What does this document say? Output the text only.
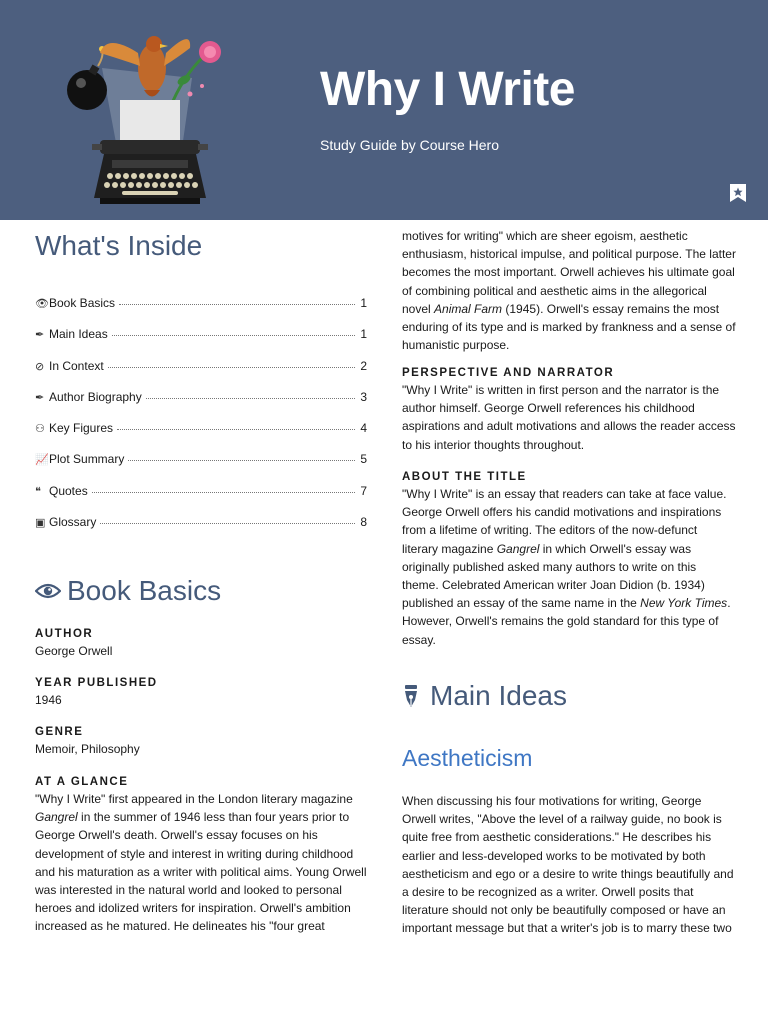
Why I Write
Study Guide by Course Hero
What's Inside
👁 Book Basics	1
✒ Main Ideas	1
⊘ In Context	2
✒ Author Biography	3
⚇ Key Figures	4
📈 Plot Summary	5
❝ Quotes	7
▣ Glossary	8
Book Basics
AUTHOR
George Orwell
YEAR PUBLISHED
1946
GENRE
Memoir, Philosophy
AT A GLANCE

"Why I Write" first appeared in the London literary magazine Gangrel in the summer of 1946 less than four years prior to George Orwell's death. Orwell's essay focuses on his development of style and interest in writing during childhood and his maturation as a writer with political aims. Young Orwell was interested in the natural world and looked to personal heroes and idolized writers for inspiration. Orwell's ambition increased as he matured. He delineates his "four great

motives for writing" which are sheer egoism, aesthetic enthusiasm, historical impulse, and political purpose. The latter becomes the most important. Orwell achieves his ultimate goal of combining political and aesthetic aims in the allegorical novel Animal Farm (1945). Orwell's essay remains the most enduring of its type and is marked by frankness and a sense of humanistic purpose.

PERSPECTIVE AND NARRATOR

"Why I Write" is written in first person and the narrator is the author himself. George Orwell references his childhood aspirations and adult motivations and allows the reader access to his interior thoughts throughout.

ABOUT THE TITLE

"Why I Write" is an essay that readers can take at face value. George Orwell offers his candid motivations and inspirations from a lifetime of writing. The editors of the now-defunct literary magazine Gangrel in which Orwell's essay was originally published asked many authors to write on this theme. Celebrated American writer Joan Didion (b. 1934) published an essay of the same name in the New York Times. However, Orwell's remains the gold standard for this type of essay.

Main Ideas
Aestheticism

When discussing his four motivations for writing, George Orwell writes, "Above the level of a railway guide, no book is quite free from aesthetic considerations." He describes his earlier and less-developed works to be motivated by both aestheticism and ego or a desire to write things beautifully and a desire to be recognized as a writer. Orwell posits that literature should not only be beautifully composed or have an important message but that a writer's job is to marry these two
